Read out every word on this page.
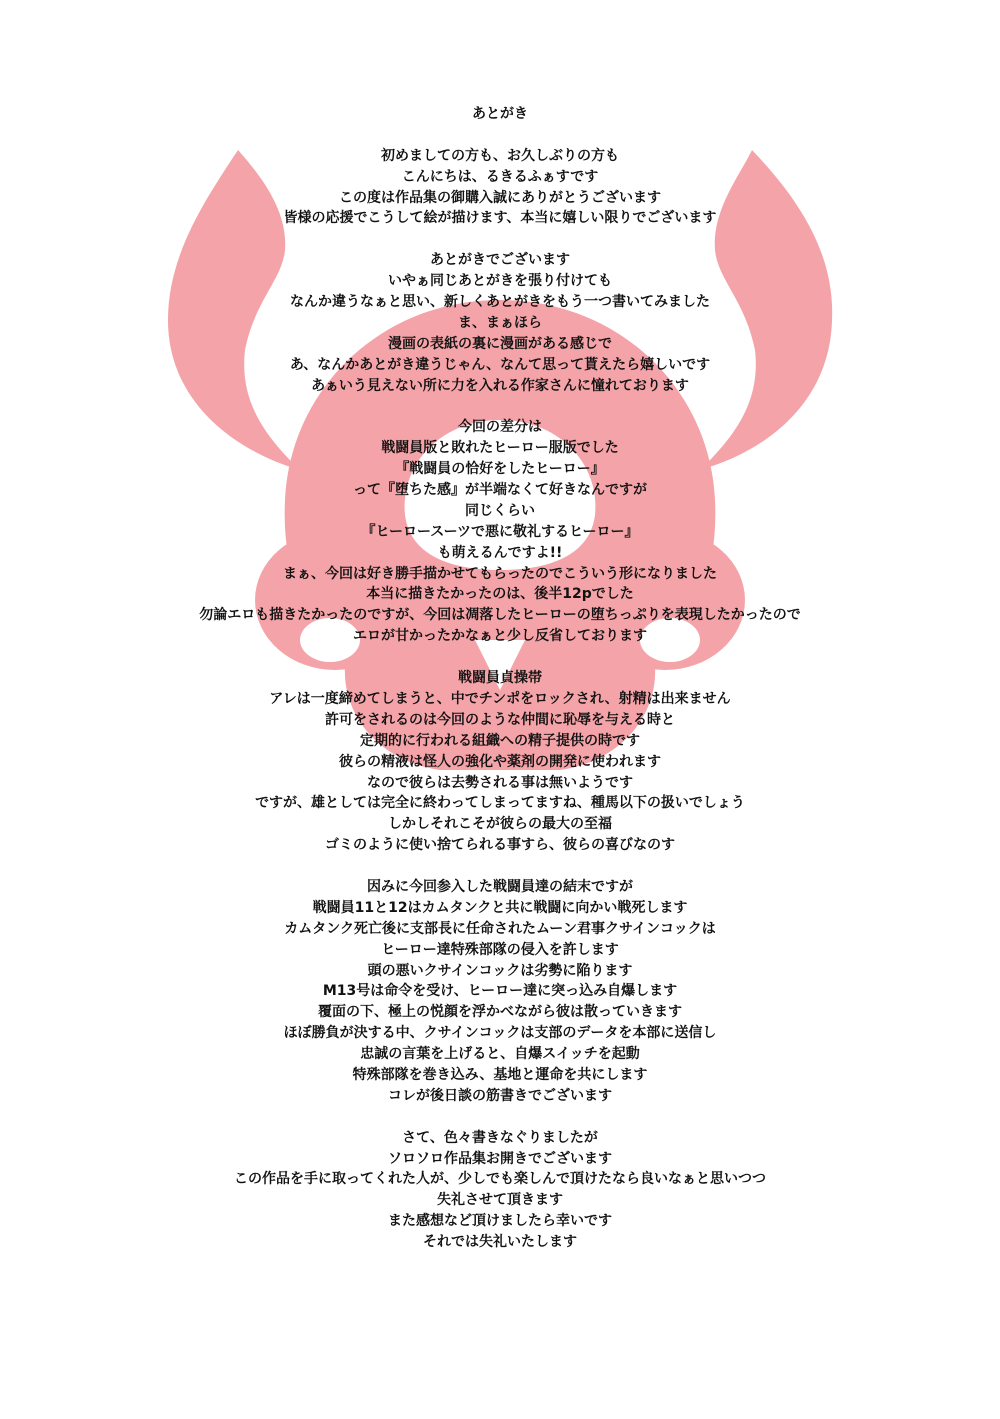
あとがき
初めましての方も、お久しぶりの方も
こんにちは、るきるふぁすです
この度は作品集の御購入誠にありがとうございます
皆様の応援でこうして絵が描けます、本当に嬉しい限りでございます
あとがきでございます
いやぁ同じあとがきを張り付けても
なんか違うなぁと思い、新しくあとがきをもう一つ書いてみました
ま、まぁほら
漫画の表紙の裏に漫画がある感じで
あ、なんかあとがき違うじゃん、なんて思って貰えたら嬉しいです
あぁいう見えない所に力を入れる作家さんに憧れております
今回の差分は
戦闘員版と敗れたヒーロー服版でした
『戦闘員の恰好をしたヒーロー』
って『堕ちた感』が半端なくて好きなんですが
同じくらい
『ヒーロースーツで悪に敬礼するヒーロー』
も萌えるんですよ!!
まぁ、今回は好き勝手描かせてもらったのでこういう形になりました
本当に描きたかったのは、後半12pでした
勿論エロも描きたかったのですが、今回は凋落したヒーローの堕ちっぷりを表現したかったので
エロが甘かったかなぁと少し反省しております
戦闘員貞操帯
アレは一度締めてしまうと、中でチンポをロックされ、射精は出来ません
許可をされるのは今回のような仲間に恥辱を与える時と
定期的に行われる組織への精子提供の時です
彼らの精液は怪人の強化や薬剤の開発に使われます
なので彼らは去勢される事は無いようです
ですが、雄としては完全に終わってしまってますね、種馬以下の扱いでしょう
しかしそれこそが彼らの最大の至福
ゴミのように使い捨てられる事すら、彼らの喜びなのす
因みに今回参入した戦闘員達の結末ですが
戦闘員11と12はカムタンクと共に戦闘に向かい戦死します
カムタンク死亡後に支部長に任命されたムーン君事クサインコックは
ヒーロー達特殊部隊の侵入を許します
頭の悪いクサインコックは劣勢に陥ります
M13号は命令を受け、ヒーロー達に突っ込み自爆します
覆面の下、極上の悦顔を浮かべながら彼は散っていきます
ほぼ勝負が決する中、クサインコックは支部のデータを本部に送信し
忠誠の言葉を上げると、自爆スイッチを起動
特殊部隊を巻き込み、基地と運命を共にします
コレが後日談の筋書きでございます
さて、色々書きなぐりましたが
ソロソロ作品集お開きでございます
この作品を手に取ってくれた人が、少しでも楽しんで頂けたなら良いなぁと思いつつ
失礼させて頂きます
また感想など頂けましたら幸いです
それでは失礼いたします
